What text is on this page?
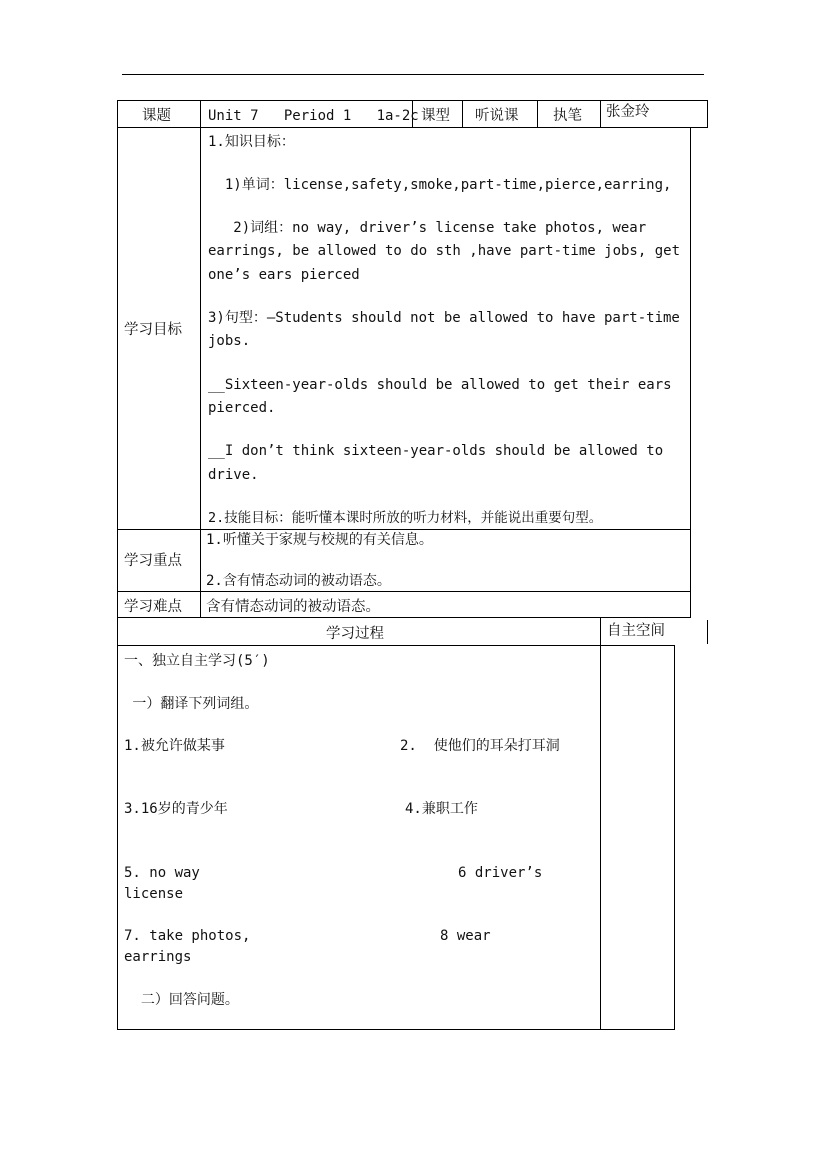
课题	Unit 7   Period 1   1a-2c 课型 听说课 执笔 张金玲
学习目标
1.知识目标：
1)单词：license,safety,smoke,part-time,pierce,earring,
2)词组：no way, driver’s license take photos, wear
earrings, be allowed to do sth ,have part-time jobs, get
one’s ears pierced
3)句型：—Students should not be allowed to have part-time
jobs.
__Sixteen-year-olds should be allowed to get their ears
pierced.
__I don’t think sixteen-year-olds should be allowed to
drive.
2.技能目标：能听懂本课时所放的听力材料，并能说出重要句型。
学习重点
1.听懂关于家规与校规的有关信息。
2.含有情态动词的被动语态。
学习难点 含有情态动词的被动语态。
学习过程	自主空间
一、独立自主学习(5′)
一）翻译下列词组。
1.被允许做某事	2.  使他们的耳朵打耳洞
3.16岁的青少年	4.兼职工作
5. no way	6 driver’s
license
7. take photos,	8 wear
earrings
二）回答问题。
